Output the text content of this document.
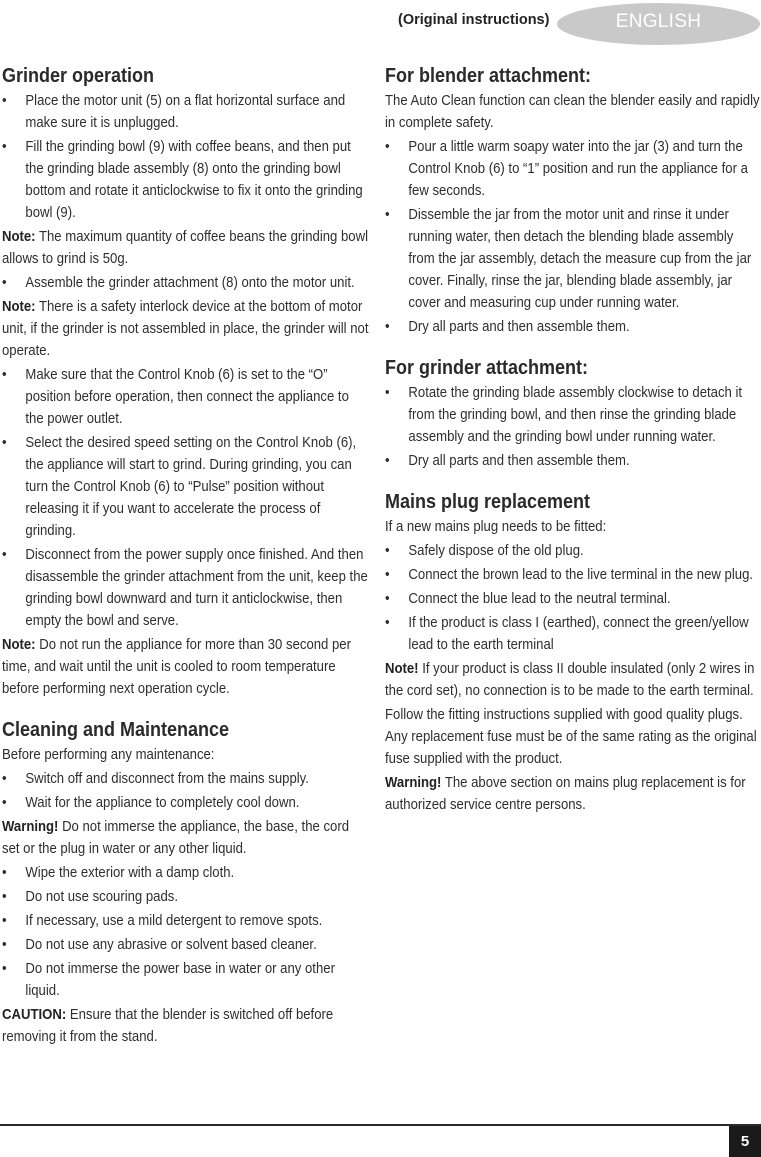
(Original instructions)	ENGLISH
Grinder operation
• Place the motor unit (5) on a flat horizontal surface and make sure it is unplugged.
• Fill the grinding bowl (9) with coffee beans, and then put the grinding blade assembly (8) onto the grinding bowl bottom and rotate it anticlockwise to fix it onto the grinding bowl (9).

Note: The maximum quantity of coffee beans the grinding bowl allows to grind is 50g.

• Assemble the grinder attachment (8) onto the motor unit.

Note: There is a safety interlock device at the bottom of motor unit, if the grinder is not assembled in place, the grinder will not operate.

• Make sure that the Control Knob (6) is set to the “O” position before operation, then connect the appliance to the power outlet.
• Select the desired speed setting on the Control Knob (6), the appliance will start to grind. During grinding, you can turn the Control Knob (6) to “Pulse” position without releasing it if you want to accelerate the process of grinding.
• Disconnect from the power supply once finished. And then disassemble the grinder attachment from the unit, keep the grinding bowl downward and turn it anticlockwise, then empty the bowl and serve.

Note: Do not run the appliance for more than 30 second per time, and wait until the unit is cooled to room temperature before performing next operation cycle.

Cleaning and Maintenance

Before performing any maintenance:

• Switch off and disconnect from the mains supply.
• Wait for the appliance to completely cool down.

Warning! Do not immerse the appliance, the base, the cord set or the plug in water or any other liquid.

• Wipe the exterior with a damp cloth.
• Do not use scouring pads.
• If necessary, use a mild detergent to remove spots.
• Do not use any abrasive or solvent based cleaner.
• Do not immerse the power base in water or any other liquid.

CAUTION: Ensure that the blender is switched off before removing it from the stand.

For blender attachment:

The Auto Clean function can clean the blender easily and rapidly in complete safety.

• Pour a little warm soapy water into the jar (3) and turn the Control Knob (6) to “1” position and run the appliance for a few seconds.
• Dissemble the jar from the motor unit and rinse it under running water, then detach the blending blade assembly from the jar assembly, detach the measure cup from the jar cover. Finally, rinse the jar, blending blade assembly, jar cover and measuring cup under running water.
• Dry all parts and then assemble them.
For grinder attachment:
• Rotate the grinding blade assembly clockwise to detach it from the grinding bowl, and then rinse the grinding blade assembly and the grinding bowl under running water.
• Dry all parts and then assemble them.
Mains plug replacement

If a new mains plug needs to be fitted:

• Safely dispose of the old plug.
• Connect the brown lead to the live terminal in the new plug.
• Connect the blue lead to the neutral terminal.
• If the product is class I (earthed), connect the green/yellow lead to the earth terminal

Note! If your product is class II double insulated (only 2 wires in the cord set), no connection is to be made to the earth terminal.

Follow the fitting instructions supplied with good quality plugs. Any replacement fuse must be of the same rating as the original fuse supplied with the product.

Warning! The above section on mains plug replacement is for authorized service centre persons.

5
